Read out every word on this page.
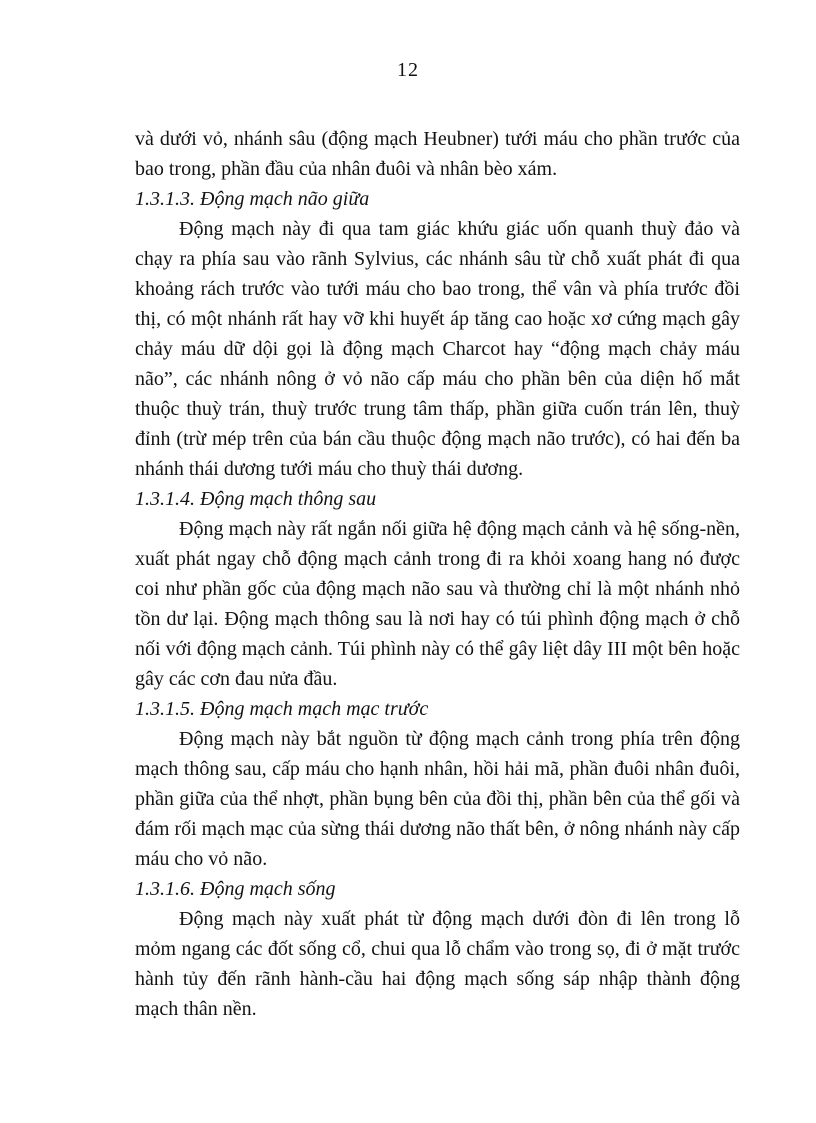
12

và dưới vỏ, nhánh sâu (động mạch Heubner) tưới máu cho phần trước của bao trong, phần đầu của nhân đuôi và nhân bèo xám.

1.3.1.3. Động mạch não giữa

Động mạch này đi qua tam giác khứu giác uốn quanh thuỳ đảo và chạy ra phía sau vào rãnh Sylvius, các nhánh sâu từ chỗ xuất phát đi qua khoảng rách trước vào tưới máu cho bao trong, thể vân và phía trước đồi thị, có một nhánh rất hay vỡ khi huyết áp tăng cao hoặc xơ cứng mạch gây chảy máu dữ dội gọi là động mạch Charcot hay “động mạch chảy máu não”, các nhánh nông ở vỏ não cấp máu cho phần bên của diện hố mắt thuộc thuỳ trán, thuỳ trước trung tâm thấp, phần giữa cuốn trán lên, thuỳ đỉnh (trừ mép trên của bán cầu thuộc động mạch não trước), có hai đến ba nhánh thái dương tưới máu cho thuỳ thái dương.

1.3.1.4. Động mạch thông sau

Động mạch này rất ngắn nối giữa hệ động mạch cảnh và hệ sống-nền, xuất phát ngay chỗ động mạch cảnh trong đi ra khỏi xoang hang nó được coi như phần gốc của động mạch não sau và thường chỉ là một nhánh nhỏ tồn dư lại. Động mạch thông sau là nơi hay có túi phình động mạch ở chỗ nối với động mạch cảnh. Túi phình này có thể gây liệt dây III một bên hoặc gây các cơn đau nửa đầu.

1.3.1.5. Động mạch mạch mạc trước

Động mạch này bắt nguồn từ động mạch cảnh trong phía trên động mạch thông sau, cấp máu cho hạnh nhân, hồi hải mã, phần đuôi nhân đuôi, phần giữa của thể nhợt, phần bụng bên của đồi thị, phần bên của thể gối và đám rối mạch mạc của sừng thái dương não thất bên, ở nông nhánh này cấp máu cho vỏ não.

1.3.1.6. Động mạch sống

Động mạch này xuất phát từ động mạch dưới đòn đi lên trong lỗ mỏm ngang các đốt sống cổ, chui qua lỗ chẩm vào trong sọ, đi ở mặt trước hành tủy đến rãnh hành-cầu hai động mạch sống sáp nhập thành động mạch thân nền.
